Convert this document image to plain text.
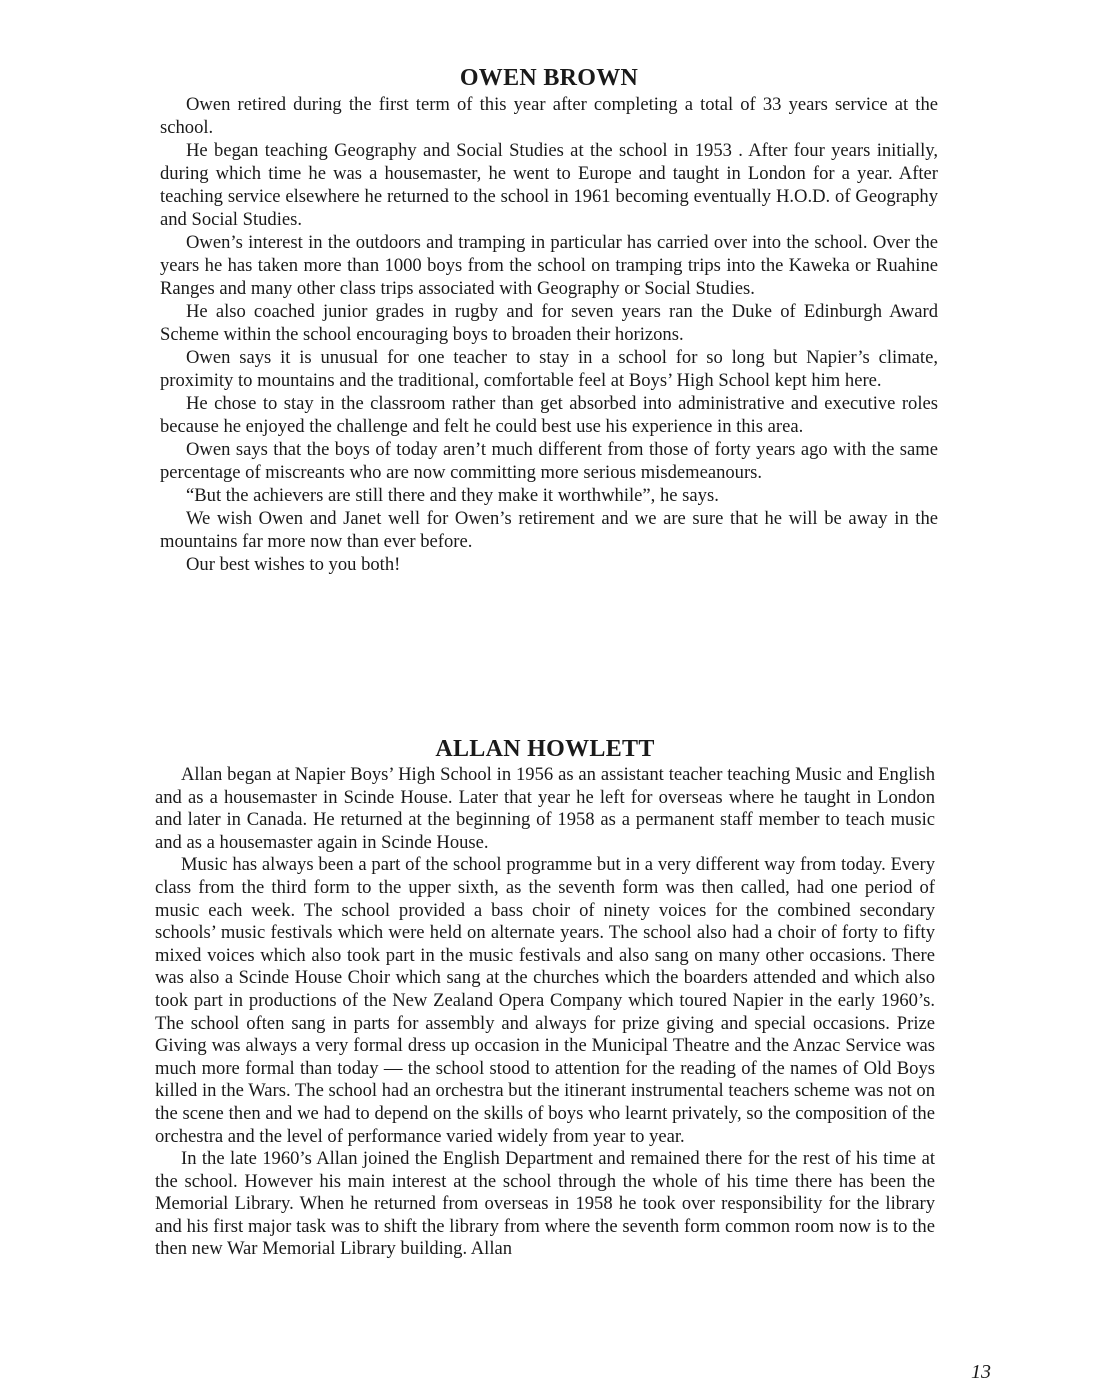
OWEN BROWN

Owen retired during the first term of this year after completing a total of 33 years service at the school.

He began teaching Geography and Social Studies at the school in 1953 . After four years initially, during which time he was a housemaster, he went to Europe and taught in London for a year. After teaching service elsewhere he returned to the school in 1961 becoming eventually H.O.D. of Geography and Social Studies.

Owen’s interest in the outdoors and tramping in particular has carried over into the school. Over the years he has taken more than 1000 boys from the school on tramping trips into the Kaweka or Ruahine Ranges and many other class trips associated with Geography or Social Studies.

He also coached junior grades in rugby and for seven years ran the Duke of Edinburgh Award Scheme within the school encouraging boys to broaden their horizons.

Owen says it is unusual for one teacher to stay in a school for so long but Napier’s climate, proximity to mountains and the traditional, comfortable feel at Boys’ High School kept him here.

He chose to stay in the classroom rather than get absorbed into administrative and executive roles because he enjoyed the challenge and felt he could best use his experience in this area.

Owen says that the boys of today aren’t much different from those of forty years ago with the same percentage of miscreants who are now committing more serious misdemeanours.

“But the achievers are still there and they make it worthwhile”, he says.

We wish Owen and Janet well for Owen’s retirement and we are sure that he will be away in the mountains far more now than ever before.

Our best wishes to you both!

ALLAN HOWLETT

Allan began at Napier Boys’ High School in 1956 as an assistant teacher teaching Music and English and as a housemaster in Scinde House. Later that year he left for overseas where he taught in London and later in Canada. He returned at the beginning of 1958 as a permanent staff member to teach music and as a housemaster again in Scinde House.

Music has always been a part of the school programme but in a very different way from today. Every class from the third form to the upper sixth, as the seventh form was then called, had one period of music each week. The school provided a bass choir of ninety voices for the combined secondary schools’ music festivals which were held on alternate years. The school also had a choir of forty to fifty mixed voices which also took part in the music festivals and also sang on many other occasions. There was also a Scinde House Choir which sang at the churches which the boarders attended and which also took part in productions of the New Zealand Opera Company which toured Napier in the early 1960’s. The school often sang in parts for assembly and always for prize giving and special occasions. Prize Giving was always a very formal dress up occasion in the Municipal Theatre and the Anzac Service was much more formal than today — the school stood to attention for the reading of the names of Old Boys killed in the Wars. The school had an orchestra but the itinerant instrumental teachers scheme was not on the scene then and we had to depend on the skills of boys who learnt privately, so the composition of the orchestra and the level of performance varied widely from year to year.

In the late 1960’s Allan joined the English Department and remained there for the rest of his time at the school. However his main interest at the school through the whole of his time there has been the Memorial Library. When he returned from overseas in 1958 he took over responsibility for the library and his first major task was to shift the library from where the seventh form common room now is to the then new War Memorial Library building. Allan

13
